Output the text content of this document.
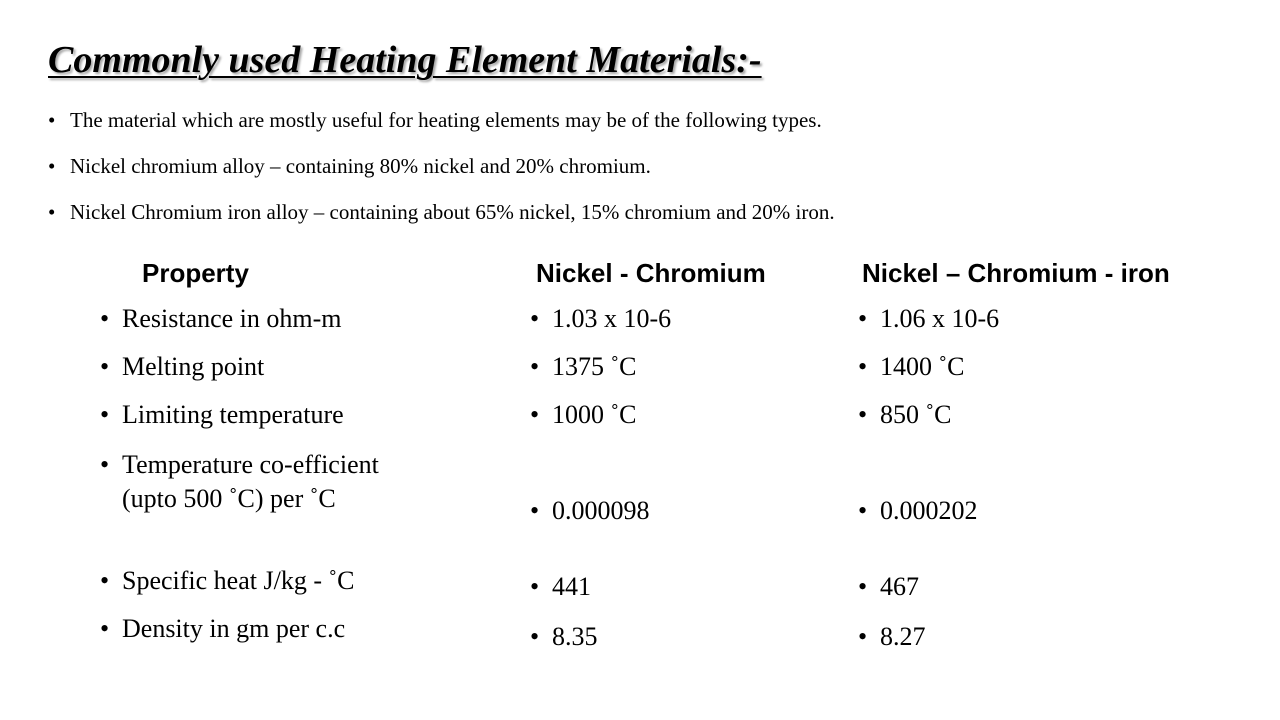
Commonly used Heating Element Materials:-
• The material which are mostly useful for heating elements may be of the following types.
• Nickel chromium alloy – containing 80% nickel and 20% chromium.
• Nickel Chromium iron alloy – containing about 65% nickel, 15% chromium and 20% iron.
Property	Nickel - Chromium	Nickel – Chromium - iron
• Resistance in ohm-m
• Melting point
• Limiting temperature
• Temperature co-efficient (upto 500 ˚C) per ˚C
• Specific heat J/kg - ˚C
• Density in gm per c.c
• 1.03 x 10-6
• 1375 ˚C
• 1000 ˚C
• 0.000098
• 441
• 8.35
• 1.06 x 10-6
• 1400 ˚C
• 850 ˚C
• 0.000202
• 467
• 8.27
